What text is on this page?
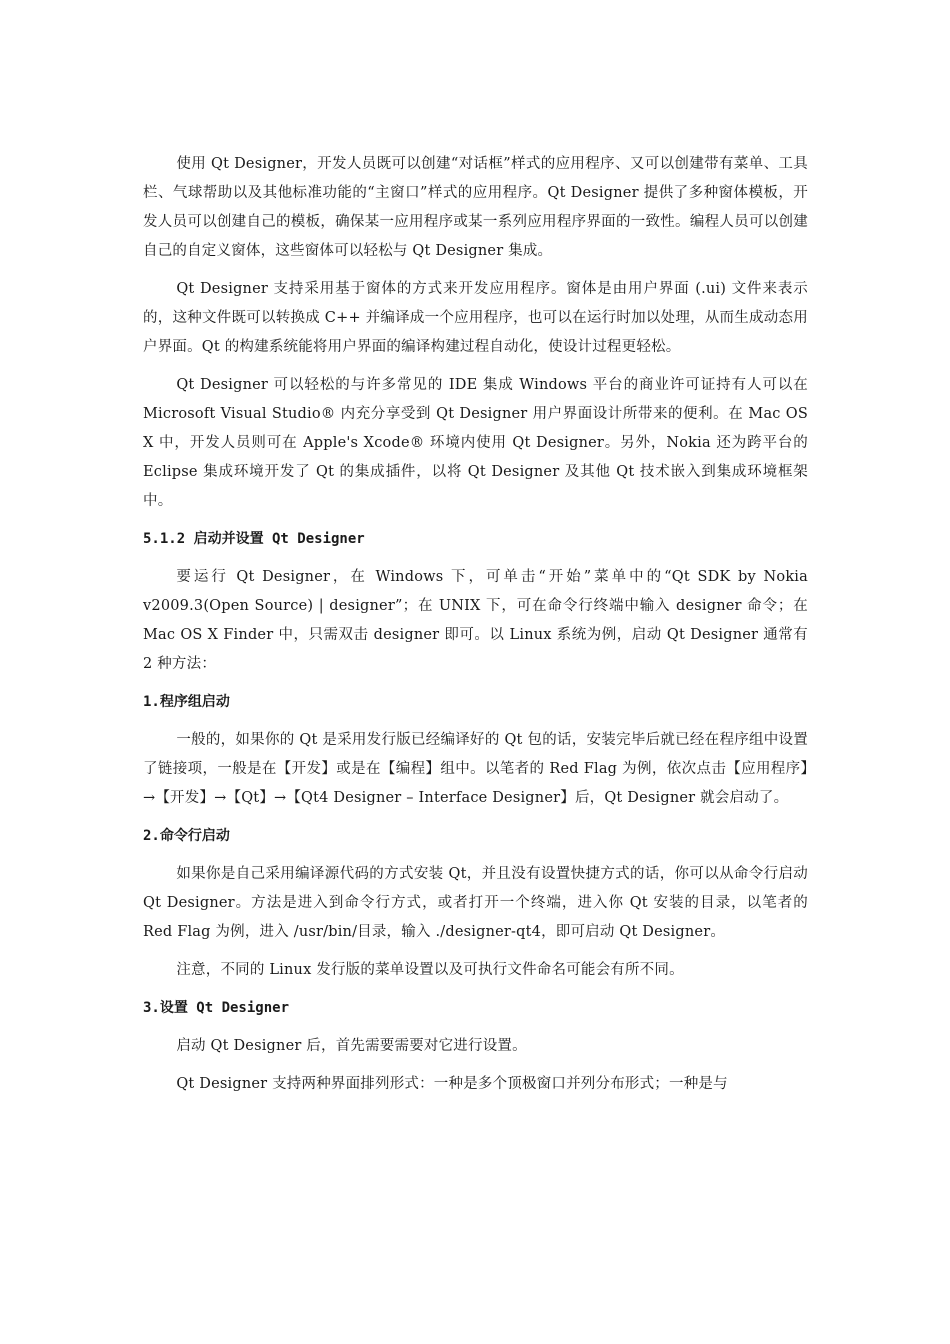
使用 Qt Designer，开发人员既可以创建“对话框”样式的应用程序、又可以创建带有菜单、工具栏、气球帮助以及其他标准功能的“主窗口”样式的应用程序。Qt Designer 提供了多种窗体模板，开发人员可以创建自己的模板，确保某一应用程序或某一系列应用程序界面的一致性。编程人员可以创建自己的自定义窗体，这些窗体可以轻松与 Qt Designer 集成。

Qt Designer 支持采用基于窗体的方式来开发应用程序。窗体是由用户界面 (.ui) 文件来表示的，这种文件既可以转换成 C++ 并编译成一个应用程序，也可以在运行时加以处理，从而生成动态用户界面。Qt 的构建系统能将用户界面的编译构建过程自动化，使设计过程更轻松。

Qt Designer 可以轻松的与许多常见的 IDE 集成 Windows 平台的商业许可证持有人可以在 Microsoft Visual Studio® 内充分享受到 Qt Designer 用户界面设计所带来的便利。在 Mac OS X 中，开发人员则可在 Apple's Xcode® 环境内使用 Qt Designer。另外，Nokia 还为跨平台的 Eclipse 集成环境开发了 Qt 的集成插件，以将 Qt Designer 及其他 Qt 技术嵌入到集成环境框架中。

5.1.2 启动并设置 Qt Designer

要运行 Qt Designer，在 Windows 下，可单击“开始”菜单中的“Qt SDK by Nokia v2009.3(Open Source) | designer”；在 UNIX 下，可在命令行终端中输入 designer 命令；在 Mac OS X Finder 中，只需双击 designer 即可。以 Linux 系统为例，启动 Qt Designer 通常有 2 种方法：

1.程序组启动

一般的，如果你的 Qt 是采用发行版已经编译好的 Qt 包的话，安装完毕后就已经在程序组中设置了链接项，一般是在【开发】或是在【编程】组中。以笔者的 Red Flag 为例，依次点击【应用程序】→【开发】→【Qt】→【Qt4 Designer – Interface Designer】后，Qt Designer 就会启动了。

2.命令行启动

如果你是自己采用编译源代码的方式安装 Qt，并且没有设置快捷方式的话，你可以从命令行启动 Qt Designer。方法是进入到命令行方式，或者打开一个终端，进入你 Qt 安装的目录，以笔者的 Red Flag 为例，进入 /usr/bin/目录，输入 ./designer-qt4，即可启动 Qt Designer。

注意，不同的 Linux 发行版的菜单设置以及可执行文件命名可能会有所不同。

3.设置 Qt Designer

启动 Qt Designer 后，首先需要需要对它进行设置。

Qt Designer 支持两种界面排列形式：一种是多个顶极窗口并列分布形式；一种是与
